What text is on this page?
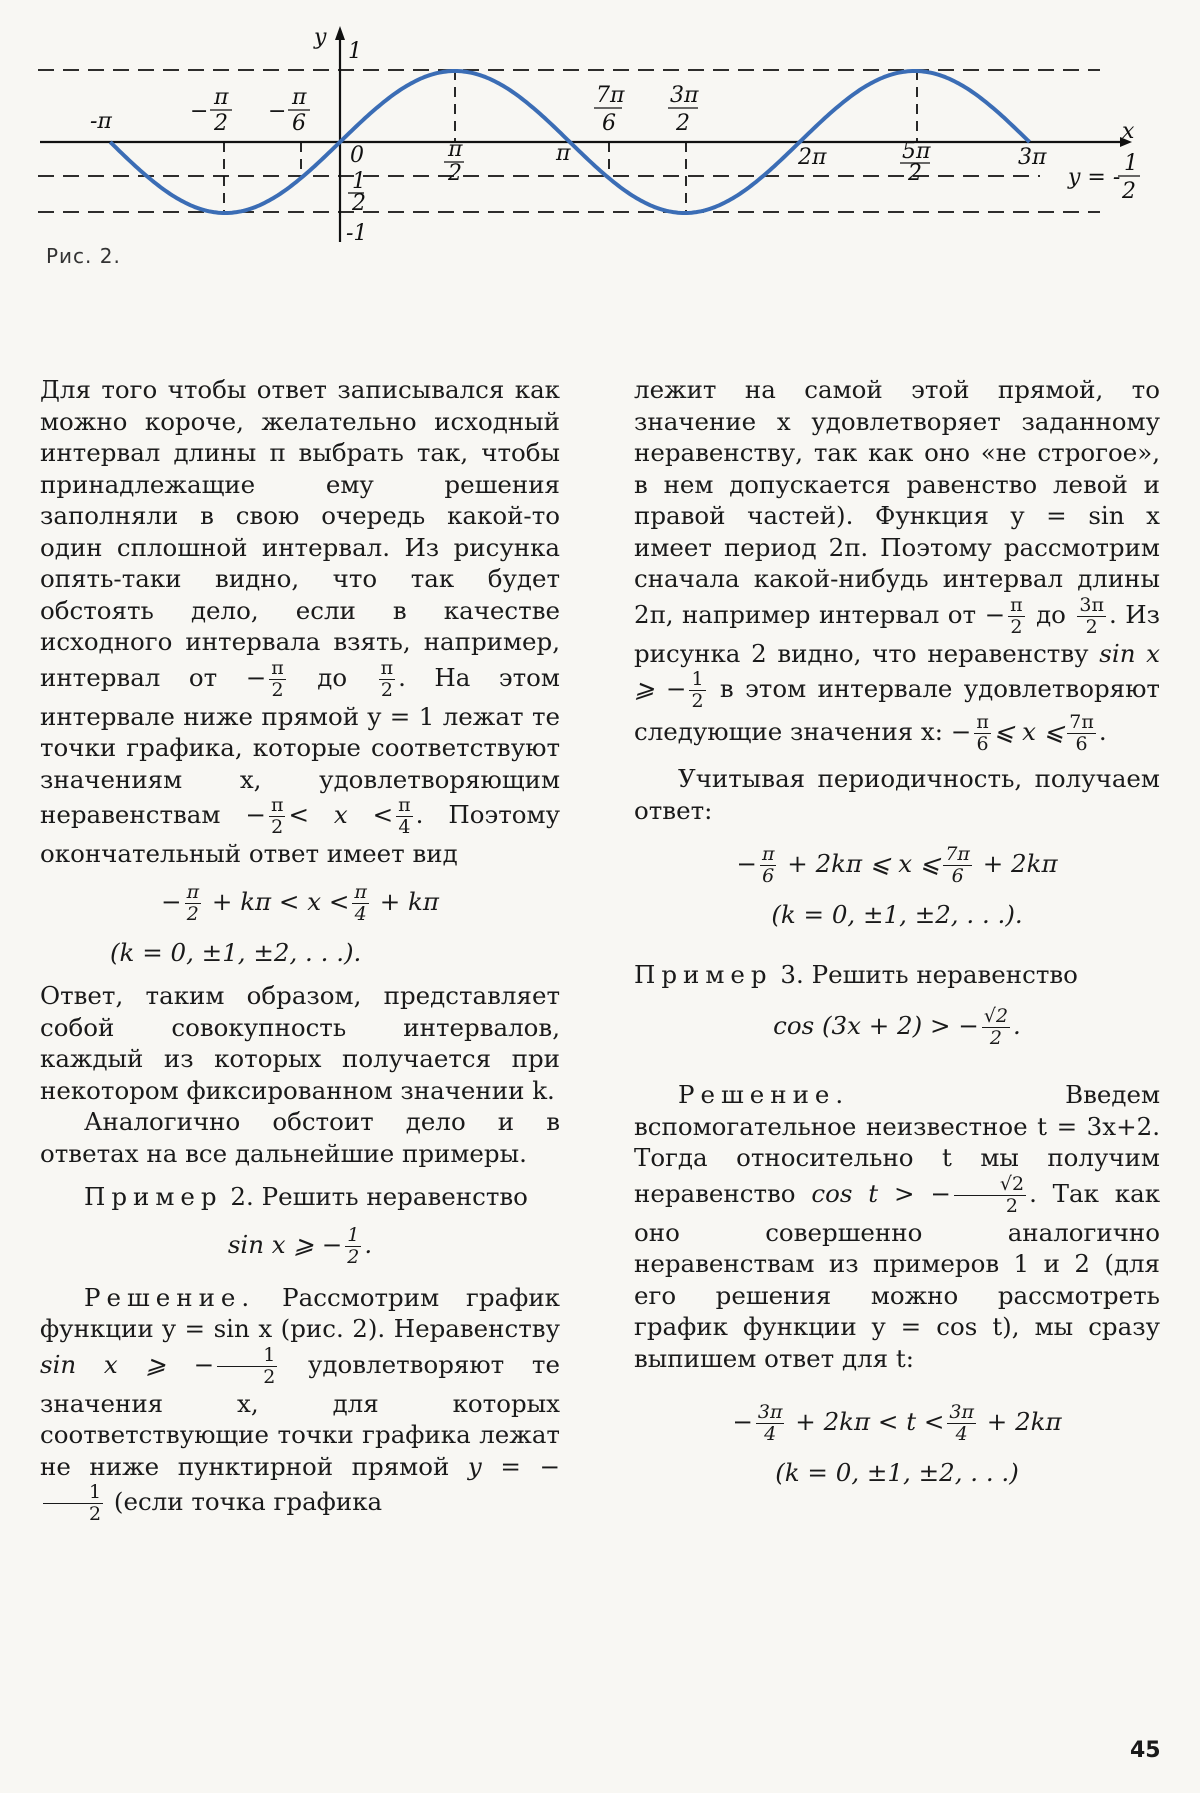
y
1
0
-1
1
2
-π	−
π
2 −
π
6
π
2
π
7π
6
3π
2
2π	5π
2
3π
x
y = -
1
2
Рис. 2.

Для того чтобы ответ записывался как можно короче, желательно исходный интервал длины π выбрать так, чтобы принадлежащие ему решения заполняли в свою очередь какой-то один сплошной интервал. Из рисунка опять-таки видно, что так будет обстоять дело, если в качестве исходного интервала взять, например, интервал от − $\frac{\pi}{2}$ до $\frac{\pi}{2}$ . На этом интервале ниже прямой y = 1 лежат те точки графика, которые соответствуют значениям x, удовлетворяющим неравенствам − $\frac{\pi}{2} < x < \frac{\pi}{4}$ . Поэтому окончательный ответ имеет вид

− $\frac{\pi}{2} + k\pi < x < \frac{\pi}{4} + k\pi$
(k = 0, ±1, ±2, . . .).

Ответ, таким образом, представляет собой совокупность интервалов, каждый из которых получается при некотором фиксированном значении k.

Аналогично обстоит дело и в ответах на все дальнейшие примеры.

Пример 2. Решить неравенство

sin x ⩾ − $\frac{1}{2}$ .

Решение. Рассмотрим график функции y = sin x (рис. 2). Неравенству sin x ⩾ − $\frac{1}{2}$ удовлетворяют те значения x, для которых соответствующие точки графика лежат не ниже пунктирной прямой y = −
$\frac{1}{2}$ (если точка графика

лежит на самой этой прямой, то значение x удовлетворяет заданному неравенству, так как оно «не строгое», в нем допускается равенство левой и правой частей). Функция y = sin x имеет период 2π. Поэтому рассмотрим сначала какой-нибудь интервал длины 2π, например интервал от − $\frac{\pi}{2}$ до $\frac{3\pi}{2}$ . Из рисунка 2 видно, что неравенству sin x ⩾ − $\frac{1}{2}$ в этом интервале удовлетворяют следующие значения x: − $\frac{\pi}{6}$ ⩽ x ⩽ $\frac{7\pi}{6}$ .

Учитывая периодичность, получаем ответ:

− $\frac{\pi}{6} + 2k\pi$ ⩽ x ⩽ $\frac{7\pi}{6} + 2k\pi$
(k = 0, ±1, ±2, . . .).

Пример 3. Решить неравенство

cos (3x + 2) > − $\frac{√2}{2}$ .

Решение.	Введем вспомогательное неизвестное t = 3x+2. Тогда относительно t мы получим неравенство cos t > − $\frac{√2}{2}$ . Так как оно совершенно аналогично неравенствам из примеров 1 и 2 (для его решения можно рассмотреть график функции y = cos t), мы сразу выпишем ответ для t:

− $\frac{3\pi}{4} + 2k\pi < t < \frac{3\pi}{4} + 2k\pi$
(k = 0, ±1, ±2, . . .)
45
